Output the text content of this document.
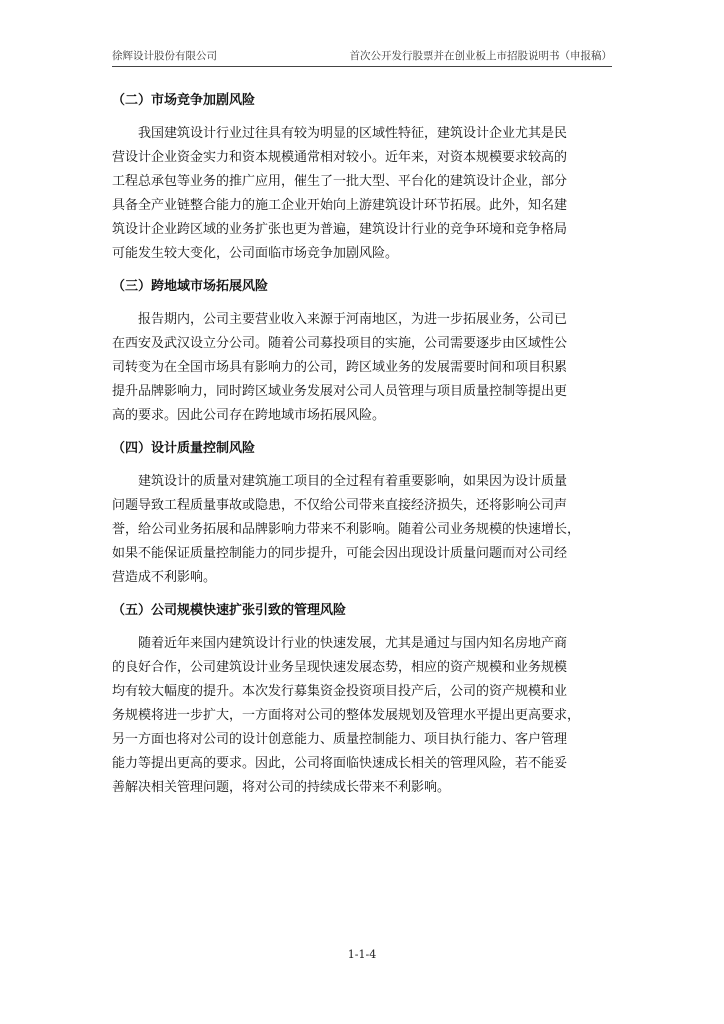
徐辉设计股份有限公司	首次公开发行股票并在创业板上市招股说明书（申报稿）
（二）市场竞争加剧风险
我国建筑设计行业过往具有较为明显的区域性特征，建筑设计企业尤其是民
营设计企业资金实力和资本规模通常相对较小。近年来，对资本规模要求较高的
工程总承包等业务的推广应用，催生了一批大型、平台化的建筑设计企业，部分
具备全产业链整合能力的施工企业开始向上游建筑设计环节拓展。此外，知名建
筑设计企业跨区域的业务扩张也更为普遍，建筑设计行业的竞争环境和竞争格局
可能发生较大变化，公司面临市场竞争加剧风险。
（三）跨地域市场拓展风险
报告期内，公司主要营业收入来源于河南地区，为进一步拓展业务，公司已
在西安及武汉设立分公司。随着公司募投项目的实施，公司需要逐步由区域性公
司转变为在全国市场具有影响力的公司，跨区域业务的发展需要时间和项目积累
提升品牌影响力，同时跨区域业务发展对公司人员管理与项目质量控制等提出更
高的要求。因此公司存在跨地域市场拓展风险。
（四）设计质量控制风险
建筑设计的质量对建筑施工项目的全过程有着重要影响，如果因为设计质量
问题导致工程质量事故或隐患，不仅给公司带来直接经济损失，还将影响公司声
誉，给公司业务拓展和品牌影响力带来不利影响。随着公司业务规模的快速增长，
如果不能保证质量控制能力的同步提升，可能会因出现设计质量问题而对公司经
营造成不利影响。
（五）公司规模快速扩张引致的管理风险
随着近年来国内建筑设计行业的快速发展，尤其是通过与国内知名房地产商
的良好合作，公司建筑设计业务呈现快速发展态势，相应的资产规模和业务规模
均有较大幅度的提升。本次发行募集资金投资项目投产后，公司的资产规模和业
务规模将进一步扩大，一方面将对公司的整体发展规划及管理水平提出更高要求，
另一方面也将对公司的设计创意能力、质量控制能力、项目执行能力、客户管理
能力等提出更高的要求。因此，公司将面临快速成长相关的管理风险，若不能妥
善解决相关管理问题，将对公司的持续成长带来不利影响。
1-1-4
